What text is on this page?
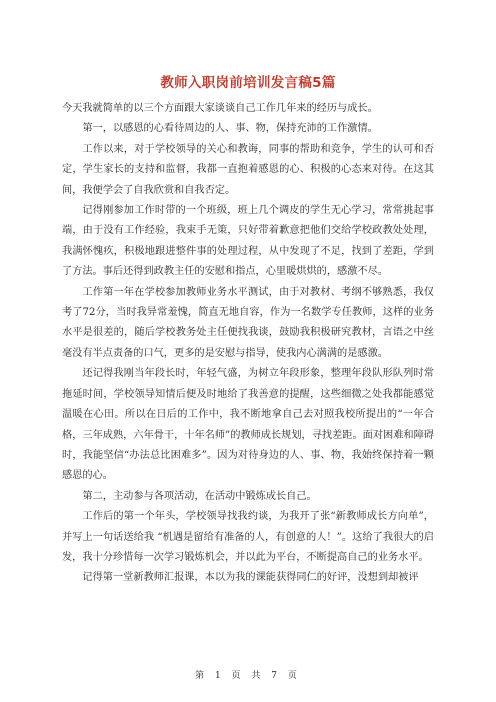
教师入职岗前培训发言稿5篇

今天我就简单的以三个方面跟大家谈谈自己工作几年来的经历与成长。

第一，以感恩的心看待周边的人、事、物，保持充沛的工作激情。

工作以来，对于学校领导的关心和教诲，同事的帮助和竞争，学生的认可和否定，学生家长的支持和监督，我都一直抱着感恩的心、积极的心态来对待。在这其间，我便学会了自我欣赏和自我否定。

记得刚参加工作时带的一个班级，班上几个调皮的学生无心学习，常常挑起事端，由于没有工作经验，我束手无策，只好带着歉意把他们交给学校政教处处理，我满怀愧疚，积极地跟进整件事的处理过程，从中发现了不足，找到了差距，学到了方法。事后还得到政教主任的安慰和指点，心里暖烘烘的，感激不尽。

工作第一年在学校参加教师业务水平测试，由于对教材、考纲不够熟悉，我仅考了72分，当时我异常羞愧，简直无地自容，作为一名数学专任教师，这样的业务水平是很差的，随后学校教务处主任便找我谈，鼓励我积极研究教材，言语之中丝毫没有半点责备的口气，更多的是安慰与指导，使我内心满满的是感激。

还记得我刚当年段长时，年轻气盛，为树立年段形象，整理年段队形队列时常拖延时间，学校领导知情后便及时地给了我善意的提醒，这些细微之处我都能感觉温暖在心田。所以在日后的工作中，我不断地拿自己去对照我校所提出的“一年合格，三年成熟，六年骨干，十年名师”的教师成长规划，寻找差距。面对困难和障碍时，我能坚信“办法总比困难多”。因为对待身边的人、事、物，我始终保持着一颗感恩的心。

第二，主动参与各项活动，在活动中锻炼成长自己。

工作后的第一个年头，学校领导找我约谈，为我开了张“新教师成长方向单”，并写上一句话送给我 “机遇是留给有准备的人，有创意的人！”。这给了我很大的启发，我十分珍惜每一次学习锻炼机会，并以此为平台，不断提高自己的业务水平。

记得第一堂新教师汇报课，本以为我的课能获得同仁的好评，没想到却被评

第 1 页 共 7 页
